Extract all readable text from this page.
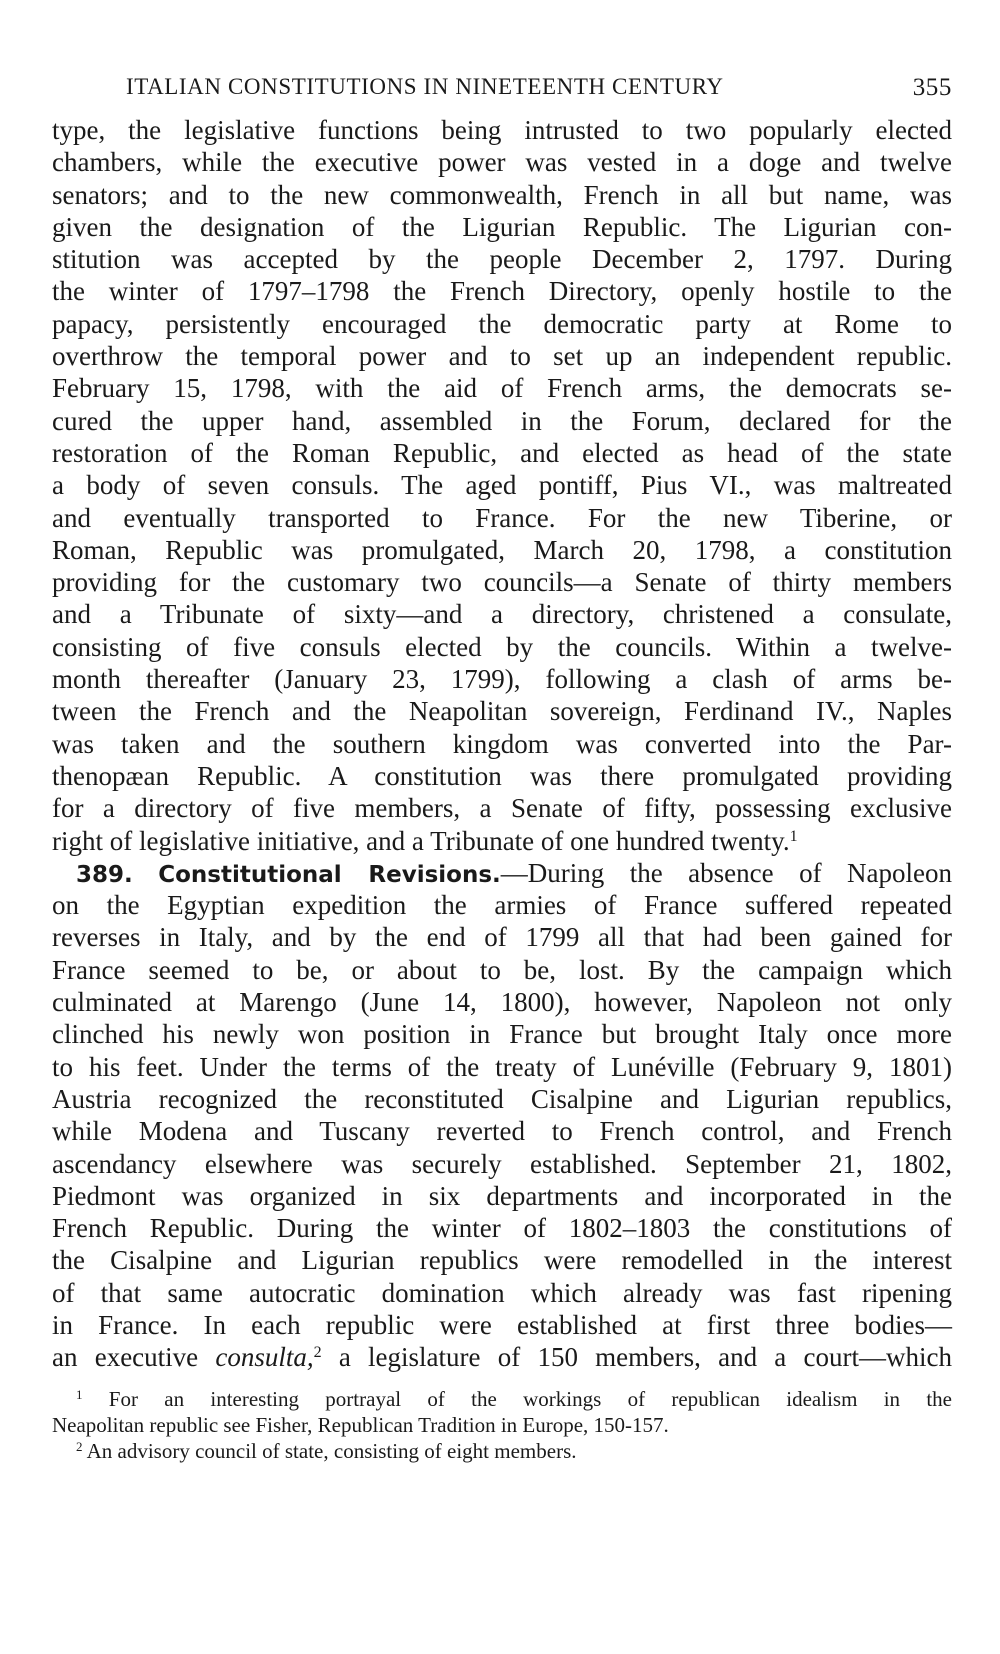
ITALIAN CONSTITUTIONS IN NINETEENTH CENTURY	355
type, the legislative functions being intrusted to two popularly elected
chambers, while the executive power was vested in a doge and twelve
senators; and to the new commonwealth, French in all but name, was
given the designation of the Ligurian Republic. The Ligurian con-
stitution was accepted by the people December 2, 1797. During
the winter of 1797–1798 the French Directory, openly hostile to the
papacy, persistently encouraged the democratic party at Rome to
overthrow the temporal power and to set up an independent republic.
February 15, 1798, with the aid of French arms, the democrats se-
cured the upper hand, assembled in the Forum, declared for the
restoration of the Roman Republic, and elected as head of the state
a body of seven consuls. The aged pontiff, Pius VI., was maltreated
and eventually transported to France. For the new Tiberine, or
Roman, Republic was promulgated, March 20, 1798, a constitution
providing for the customary two councils—a Senate of thirty members
and a Tribunate of sixty—and a directory, christened a consulate,
consisting of five consuls elected by the councils. Within a twelve-
month thereafter (January 23, 1799), following a clash of arms be-
tween the French and the Neapolitan sovereign, Ferdinand IV., Naples
was taken and the southern kingdom was converted into the Par-
thenopæan Republic. A constitution was there promulgated providing
for a directory of five members, a Senate of fifty, possessing exclusive
right of legislative initiative, and a Tribunate of one hundred twenty.$^1$
389. Constitutional Revisions.—During the absence of Napoleon
on the Egyptian expedition the armies of France suffered repeated
reverses in Italy, and by the end of 1799 all that had been gained for
France seemed to be, or about to be, lost. By the campaign which
culminated at Marengo (June 14, 1800), however, Napoleon not only
clinched his newly won position in France but brought Italy once more
to his feet. Under the terms of the treaty of Lunéville (February 9, 1801)
Austria recognized the reconstituted Cisalpine and Ligurian republics,
while Modena and Tuscany reverted to French control, and French
ascendancy elsewhere was securely established. September 21, 1802,
Piedmont was organized in six departments and incorporated in the
French Republic. During the winter of 1802–1803 the constitutions of
the Cisalpine and Ligurian republics were remodelled in the interest
of that same autocratic domination which already was fast ripening
in France. In each republic were established at first three bodies—
an executive consulta,$^2$ a legislature of 150 members, and a court—which
$^1$ For an interesting portrayal of the workings of republican idealism in the
Neapolitan republic see Fisher, Republican Tradition in Europe, 150-157.
$^2$ An advisory council of state, consisting of eight members.
